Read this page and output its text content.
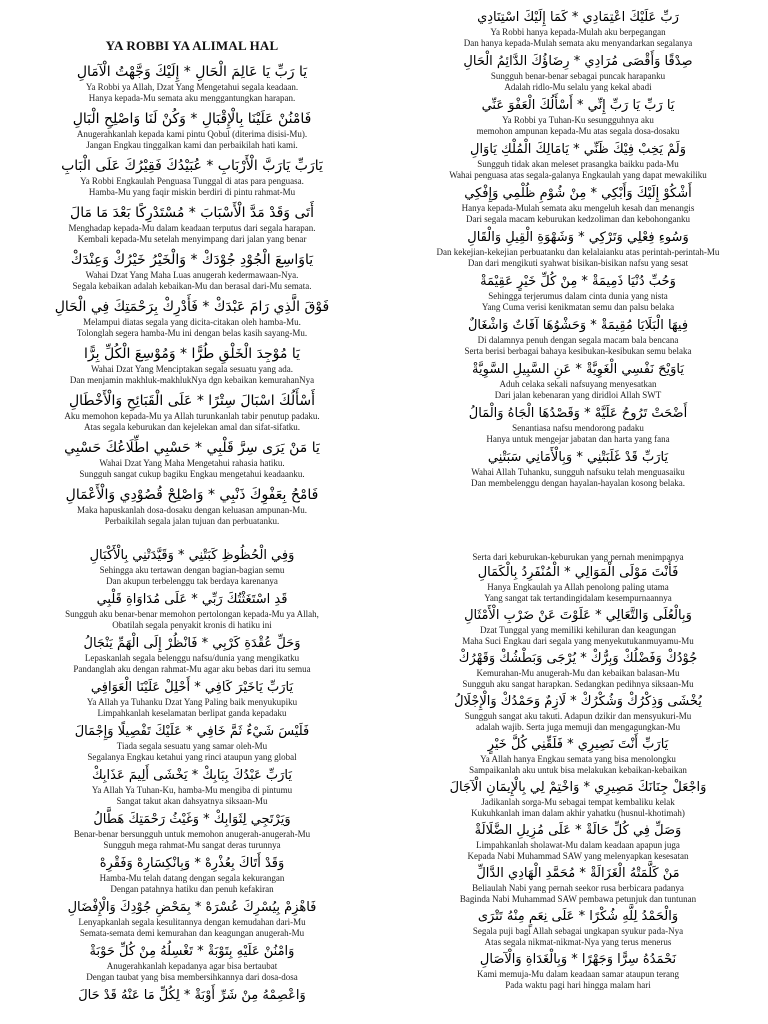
YA ROBBI YA ALIMAL HAL
يَا رَبِّ يَا عَالِمَ الْحَالِ * إِلَيْكَ وَجَّهْتُ الْآمَالِ
Ya Robbi ya Allah, Dzat Yang Mengetahui segala keadaan.
Hanya kepada-Mu semata aku menggantungkan harapan.
فَامْنُنْ عَلَيْنَا بِالْإِقْبَالِ * وَكُنْ لَنَا وَاصْلِحِ الْبَالِ
Anugerahkanlah kepada kami pintu Qobul (diterima disisi-Mu).
Jangan Engkau tinggalkan kami dan perbaikilah hati kami.
يَارَبِّ يَارَبَّ الْأَرْبَابِ * عُبَيْدُكَ فَقِيْرُكَ عَلَى الْبَابِ
Ya Robbi Engkaulah Penguasa Tunggal di atas para penguasa.
Hamba-Mu yang faqir miskin berdiri di pintu rahmat-Mu
أَتَى وَقَدْ مَدَّ الْأَسْبَابَ * مُسْتَدْرِكًا بَعْدَ مَا مَالَ
Menghadap kepada-Mu dalam keadaan terputus dari segala harapan.
Kembali kepada-Mu setelah menyimpang dari jalan yang benar
يَاوَاسِعَ الْجُوْدِ جُوْدَكْ * وَالْخَيْرُ خَيْرُكْ وَعِنْدَكْ
Wahai Dzat Yang Maha Luas anugerah kedermawaan-Nya.
Segala kebaikan adalah kebaikan-Mu dan berasal dari-Mu semata.
فَوْقَ الَّذِي رَامَ عَبْدَكْ * فَأَدْرِكْ بِرَحْمَتِكَ فِي الْحَالِ
Melampui diatas segala yang dicita-citakan oleh hamba-Mu.
Tolonglah segera hamba-Mu ini dengan belas kasih sayang-Mu.
يَا مُوْجِدَ الْخَلْقِ طُرًّا * وَمُوْسِعَ الْكُلِّ بِرًّا
Wahai Dzat Yang Menciptakan segala sesuatu yang ada.
Dan menjamin makhluk-makhlukNya dgn kebaikan kemurahanNya
أَسْأَلُكَ اسْبَالَ سِتْرًا * عَلَى الْقَبَائِحِ وَالْأَخْطَالِ
Aku memohon kepada-Mu ya Allah turunkanlah tabir penutup padaku.
Atas segala keburukan dan kejelekan amal dan sifat-sifatku.
يَا مَنْ يَرَى سِرَّ قَلْبِي * حَسْبِي اطِّلَاعُكَ حَسْبِي
Wahai Dzat Yang Maha Mengetahui rahasia hatiku.
Sungguh sangat cukup bagiku Engkau mengetahui keadaanku.
فَامْحُ بِعَفْوِكَ ذَنْبِي * وَاصْلِحْ قُصُوْدِي وَالْأَعْمَالِ
Maka hapuskanlah dosa-dosaku dengan keluasan ampunan-Mu.
Perbaikilah segala jalan tujuan dan perbuatanku.
رَبِّ عَلَيْكَ اعْتِمَادِي * كَمَا إِلَيْكَ اسْتِنَادِي
Ya Robbi hanya kepada-Mulah aku berpegangan
Dan hanya kepada-Mulah semata aku menyandarkan segalanya
صِدْقًا وَأَقْصَى مُرَادِي * رِضَاؤُكَ الدَّائِمُ الْحَالِ
Sungguh benar-benar sebagai puncak harapanku
Adalah ridlo-Mu selalu yang kekal abadi
يَا رَبِّ يَا رَبِّ إِنِّي * أَسْأَلُكَ الْعَفْوَ عَنِّي
Ya Robbi ya Tuhan-Ku sesungguhnya aku
memohon ampunan kepada-Mu atas segala dosa-dosaku
وَلَمْ يَخِبْ فِيْكَ ظَنِّي * يَامَالِكَ الْمُلْكِ يَاوَالِ
Sungguh tidak akan meleset prasangka baikku pada-Mu
Wahai penguasa atas segala-galanya Engkaulah yang dapat mewakiliku
أَشْكُوْ إِلَيْكَ وَأَبْكِي * مِنْ شُوْمِ ظُلْمِي وَإِفْكِي
Hanya kepada-Mulah semata aku mengeluh kesah dan menangis
Dari segala macam keburukan kedzoliman dan kebohonganku
وَسُوءِ فِعْلِي وَتَرْكِي * وَشَهْوَةِ الْقِيلِ وَالْقَالِ
Dan kekejian-kekejian perbuatanku dan kelalaianku atas perintah-perintah-Mu
Dan dari mengikuti syahwat bisikan-bisikan nafsu yang sesat
وَحُبِّ دُنْيَا ذَمِيمَةْ * مِنْ كُلِّ خَيْرٍ عَقِيْمَةْ
Sehingga terjerumus dalam cinta dunia yang nista
Yang Cuma verisi kenikmatan semu dan palsu belaka
فِيهَا الْبَلَايَا مُقِيمَةْ * وَحَشْوُهَا آفَاتٌ وَاشْغَالٌ
Di dalamnya penuh dengan segala macam bala bencana
Serta berisi berbagai bahaya kesibukan-kesibukan semu belaka
يَاوَيْحَ نَفْسِي الْغَوِيَّةْ * عَنِ السَّبِيلِ السَّوِيَّةْ
Aduh celaka sekali nafsuyang menyesatkan
Dari jalan kebenaran yang diridloi Allah SWT
أَضْحَتْ تَرُوحُ عَلَيَّهْ * وَقَصْدُهَا الْجَاهُ وَالْمَالُ
Senantiasa nafsu mendorong padaku
Hanya untuk mengejar jabatan dan harta yang fana
يَارَبِّ قَدْ غَلَبَتْنِي * وَبِالْأَمَانِي سَبَتْنِي
Wahai Allah Tuhanku, sungguh nafsuku telah menguasaiku
Dan membelenggu dengan hayalan-hayalan kosong belaka.
وَفِي الْحُظُوظِ كَبَتْنِي * وَقَيَّدَتْنِي بِالْأَكْبَالِ
Sehingga aku tertawan dengan bagian-bagian semu
Dan akupun terbelenggu tak berdaya karenanya
قَدِ اسْتَغَثْتُكَ رَبِّي * عَلَى مُدَاوَاةِ قَلْبِي
Sungguh aku benar-benar memohon pertolongan kepada-Mu ya Allah,
Obatilah segala penyakit kronis di hatiku ini
وَحَلِّ عُقْدَةِ كَرْبِي * فَانْظُرْ إِلَى الْهَمِّ يَنْجَالُ
Lepaskanlah segala belenggu nafsu/dunia yang mengikatku
Pandanglah aku dengan rahmat-Mu agar aku bebas dari itu semua
يَارَبِّ يَاخَيْرَ كَافِي * أَحْلِلْ عَلَيْنَا الْعَوَافِي
Ya Allah ya Tuhanku Dzat Yang Paling baik menyukupiku
Limpahkanlah keselamatan berlipat ganda kepadaku
فَلَيْسَ شَيْءٌ ثَمَّ خَافِي * عَلَيْكَ تَفْصِيلًا وَإِجْمَالَ
Tiada segala sesuatu yang samar oleh-Mu
Segalanya Engkau ketahui yang rinci ataupun yang global
يَارَبِّ عَبْدُكَ بِبَابِكْ * يَخْشَى أَلِيمَ عَذَابِكْ
Ya Allah Ya Tuhan-Ku, hamba-Mu mengiba di pintumu
Sangat takut akan dahsyatnya siksaan-Mu
وَيَرْتَجِي لِثَوَابِكْ * وَغَيْثُ رَحْمَتِكَ هَطَّالُ
Benar-benar bersungguh untuk memohon anugerah-anugerah-Mu
Sungguh mega rahmat-Mu sangat deras turunnya
وَقَدْ أَتَاكَ بِعُذْرِهْ * وَبِانْكِسَارِهْ وَفَقْرِهْ
Hamba-Mu telah datang dengan segala kekurangan
Dengan patahnya hatiku dan penuh kefakiran
فَاهْزِمْ بِيُسْرِكَ عُسْرَهْ * بِمَحْضِ جُوْدِكَ وَالْإِفْضَالِ
Lenyapkanlah segala kesulitannya dengan kemudahan dari-Mu
Semata-semata demi kemurahan dan keagungan anugerah-Mu
وَامْنُنْ عَلَيْهِ بِتَوْبَةْ * تَغْسِلُهُ مِنْ كُلِّ حَوْبَةْ
Anugerahkanlah kepadanya agar bisa bertaubat
Dengan taubat yang bisa membersihkannya dari dosa-dosa
وَاعْصِمْهُ مِنْ شَرِّ أَوْبَةْ * لِكُلِّ مَا عَنْهُ قَدْ حَالَ
Serta dari keburukan-keburukan yang pernah menimpanya
فَأَنْتَ مَوْلَى الْمَوَالِي * الْمُنْفَرِدُ بِالْكَمَالِ
Hanya Engkaulah ya Allah penolong paling utama
Yang sangat tak tertandingidalam kesempurnaannya
وَبِالْعُلَى وَالتَّعَالِي * عَلَوْتَ عَنْ ضَرْبِ الْأَمْثَالِ
Dzat Tunggal yang memiliki kehiluran dan keagungan
Maha Suci Engkau dari segala yang menyekutukanmuyamu-Mu
جُوْدُكْ وَفَضْلُكْ وَبِرُّكْ * يُرْجَى وَبَطْشُكْ وَقَهْرُكْ
Kemurahan-Mu anugerah-Mu dan kebaikan balasan-Mu
Sungguh aku sangat harapkan. Sedangkan pedihnya siksaan-Mu
يُخْشَى وَذِكْرُكْ وَشُكْرُكْ * لَازِمٌ وَحَمْدُكْ وَالْإِجْلَالُ
Sungguh sangat aku takuti. Adapun dzikir dan mensyukuri-Mu
adalah wajib. Serta juga memuji dan mengagungkan-Mu
يَارَبِّ أَنْتَ نَصِيرِي * فَلَقِّنِي كُلَّ خَيْرٍ
Ya Allah hanya Engkau semata yang bisa menolongku
Sampaikanlah aku untuk bisa melakukan kebaikan-kebaikan
وَاجْعَلْ جِنَانَكَ مَصِيرِي * وَاخْتِمْ لِي بِالْإِيمَانِ الْآجَالَ
Jadikanlah sorga-Mu sebagai tempat kembaliku kelak
Kukuhkanlah iman dalam akhir yahatku (husnul-khotimah)
وَصَلِّ فِي كُلِّ حَالَةْ * عَلَى مُزِيلِ الضَّلَالَةْ
Limpahkanlah sholawat-Mu dalam keadaan apapun juga
Kepada Nabi Muhammad SAW yang melenyapkan kesesatan
مَنْ كَلَّمَتْهُ الْغَزَالَةْ * مُحَمَّدِ الْهَادِي الدَّالِّ
Beliaulah Nabi yang pernah seekor rusa berbicara padanya
Baginda Nabi Muhammad SAW pembawa petunjuk dan tuntunan
وَالْحَمْدُ لِلَّهِ شُكْرًا * عَلَى نِعَمٍ مِنْهُ تَتْرَى
Segala puji bagi Allah sebagai ungkapan syukur pada-Nya
Atas segala nikmat-nikmat-Nya yang terus menerus
نَحْمَدُهُ سِرًّا وَجَهْرًا * وَبِالْغَدَاةِ وَالْآصَالِ
Kami memuja-Mu dalam keadaan samar ataupun terang
Pada waktu pagi hari hingga malam hari
